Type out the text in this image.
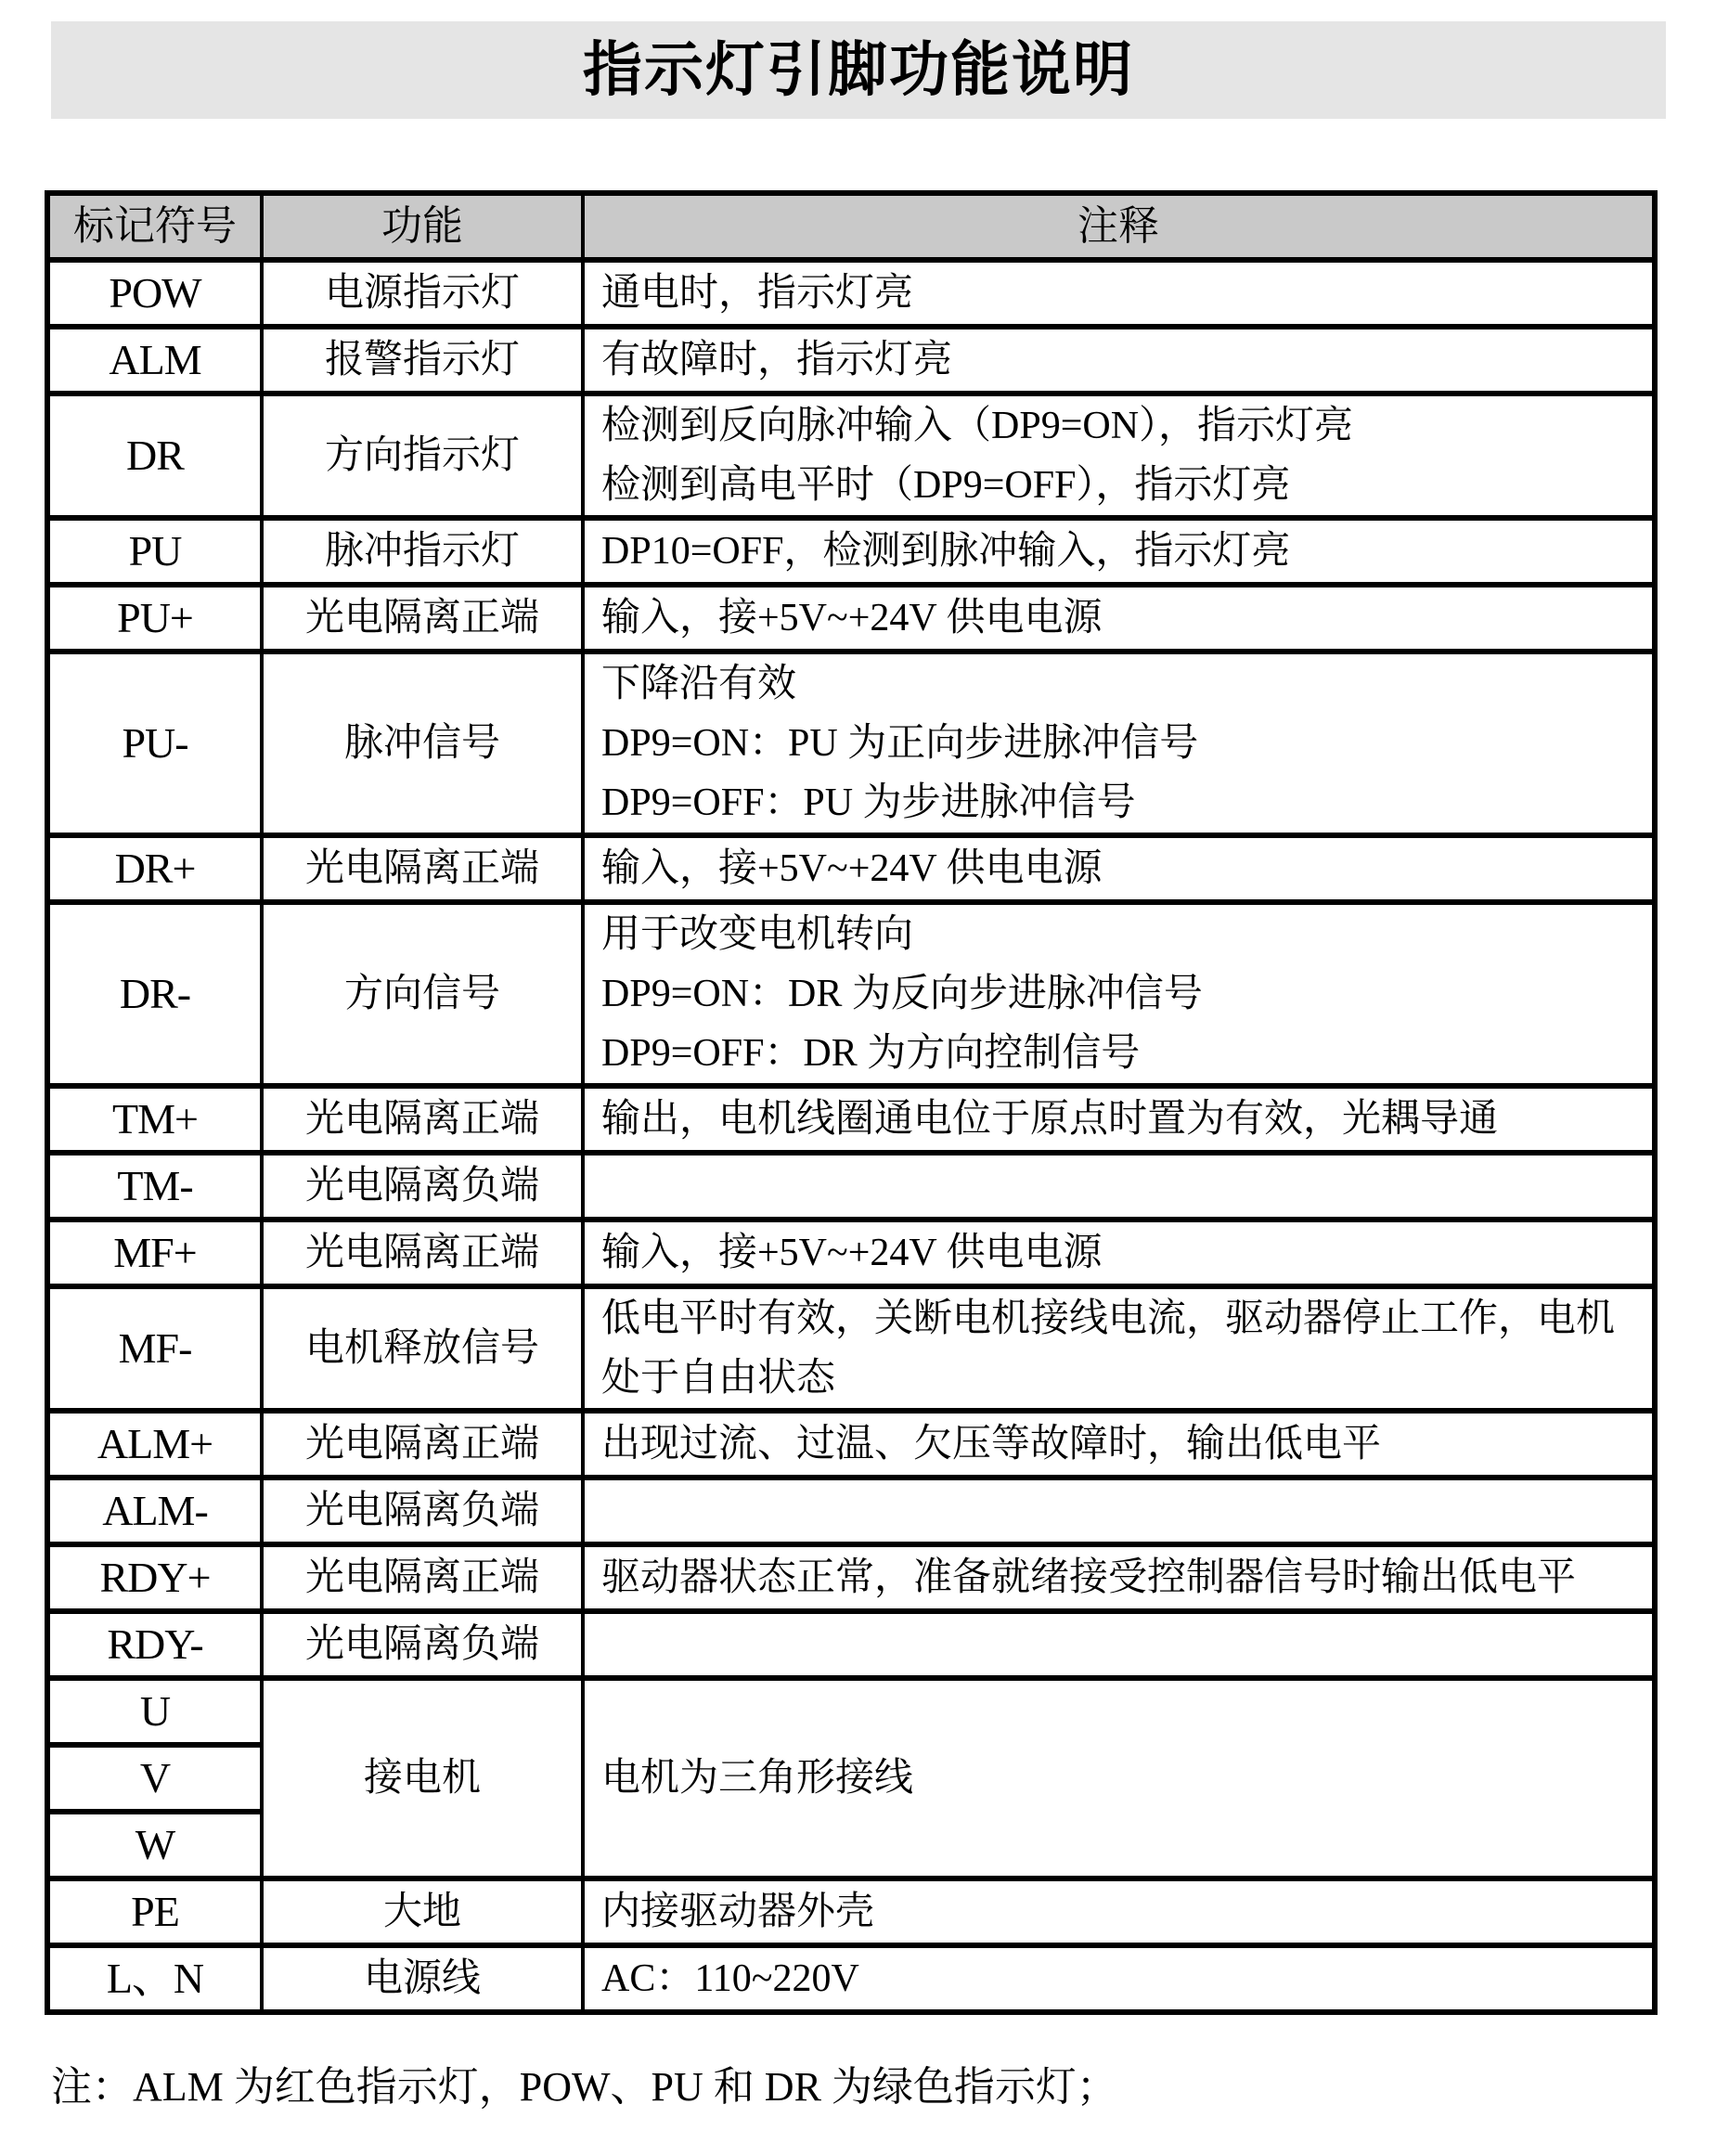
指示灯引脚功能说明
标记符号	功能	注释
POW	电源指示灯	通电时，指示灯亮

ALM	报警指示灯	有故障时，指示灯亮

DR	方向指示灯	检测到反向脉冲输入（DP9=ON），指示灯亮
检测到高电平时（DP9=OFF），指示灯亮

PU	脉冲指示灯	DP10=OFF，检测到脉冲输入，指示灯亮

PU+	光电隔离正端	输入，接+5V~+24V 供电电源

PU-	脉冲信号	下降沿有效
DP9=ON：PU 为正向步进脉冲信号
DP9=OFF：PU 为步进脉冲信号

DR+	光电隔离正端	输入，接+5V~+24V 供电电源

DR-	方向信号	用于改变电机转向
DP9=ON：DR 为反向步进脉冲信号
DP9=OFF：DR 为方向控制信号

TM+	光电隔离正端	输出，电机线圈通电位于原点时置为有效，光耦导通

TM-	光电隔离负端	

MF+	光电隔离正端	输入，接+5V~+24V 供电电源

MF-	电机释放信号	低电平时有效，关断电机接线电流，驱动器停止工作，电机处于自由状态

ALM+	光电隔离正端	出现过流、过温、欠压等故障时，输出低电平

ALM-	光电隔离负端	

RDY+	光电隔离正端	驱动器状态正常，准备就绪接受控制器信号时输出低电平

RDY-	光电隔离负端	

U	接电机	电机为三角形接线

V		
W		
PE	大地	内接驱动器外壳

L、N	电源线	AC：110~220V

注：ALM 为红色指示灯，POW、PU 和 DR 为绿色指示灯；
